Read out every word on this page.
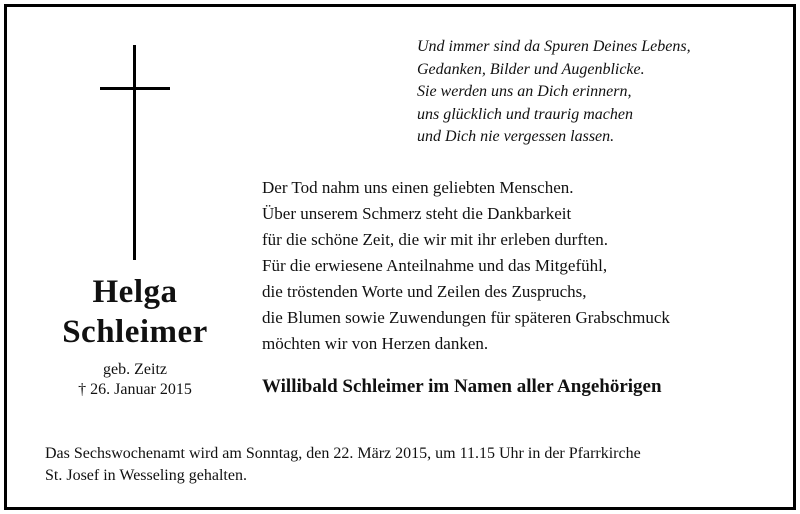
Und immer sind da Spuren Deines Lebens,
Gedanken, Bilder und Augenblicke.
Sie werden uns an Dich erinnern,
uns glücklich und traurig machen
und Dich nie vergessen lassen.
Der Tod nahm uns einen geliebten Menschen.
Über unserem Schmerz steht die Dankbarkeit
für die schöne Zeit, die wir mit ihr erleben durften.
Für die erwiesene Anteilnahme und das Mitgefühl,
die tröstenden Worte und Zeilen des Zuspruchs,
die Blumen sowie Zuwendungen für späteren Grabschmuck
möchten wir von Herzen danken.
Willibald Schleimer im Namen aller Angehörigen
Helga
Schleimer
geb. Zeitz
† 26. Januar 2015
Das Sechswochenamt wird am Sonntag, den 22. März 2015, um 11.15 Uhr in der Pfarrkirche
St. Josef in Wesseling gehalten.
